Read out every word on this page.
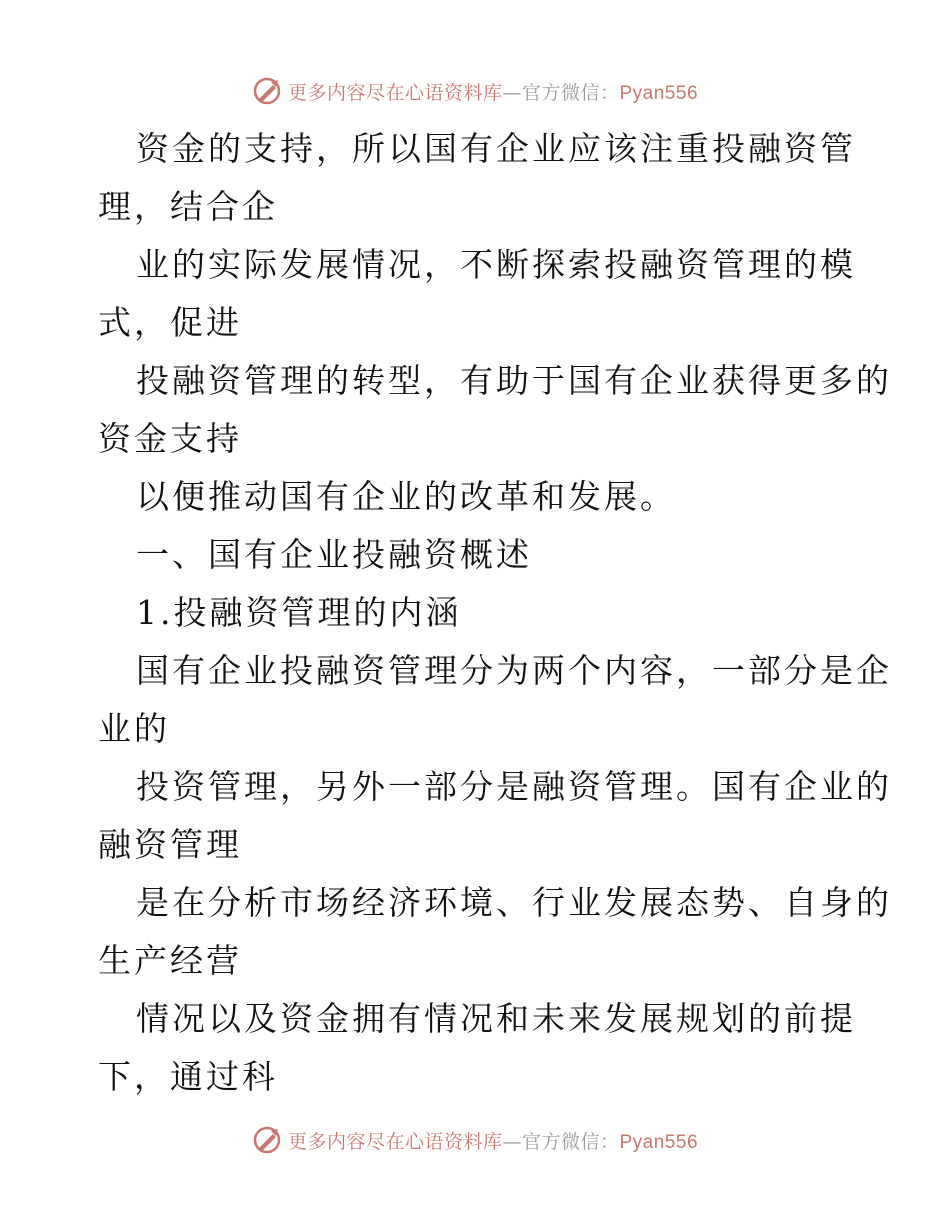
更多内容尽在心语资料库—官方微信：Pyan556
资金的支持，所以国有企业应该注重投融资管
理，结合企
业的实际发展情况，不断探索投融资管理的模
式，促进
投融资管理的转型，有助于国有企业获得更多的
资金支持
以便推动国有企业的改革和发展。
一、国有企业投融资概述
1.投融资管理的内涵
国有企业投融资管理分为两个内容，一部分是企
业的
投资管理，另外一部分是融资管理。国有企业的
融资管理
是在分析市场经济环境、行业发展态势、自身的
生产经营
情况以及资金拥有情况和未来发展规划的前提
下，通过科
更多内容尽在心语资料库—官方微信：Pyan556
